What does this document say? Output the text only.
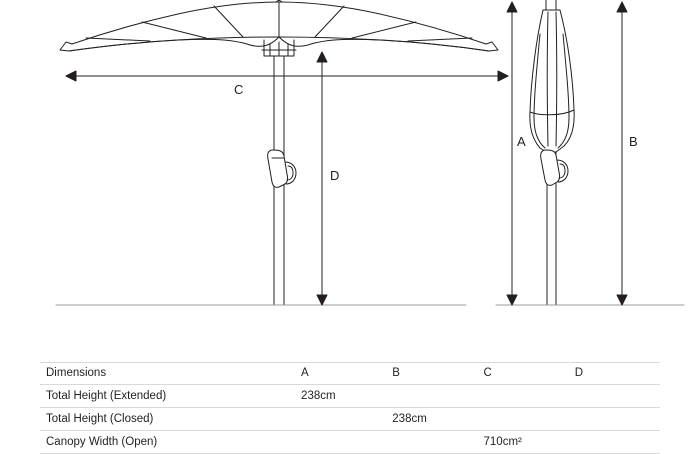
C
D
A	B
Dimensions	A	B	C	D
Total Height (Extended)	238cm			
Total Height (Closed)		238cm		
Canopy Width (Open)			710cm²	
